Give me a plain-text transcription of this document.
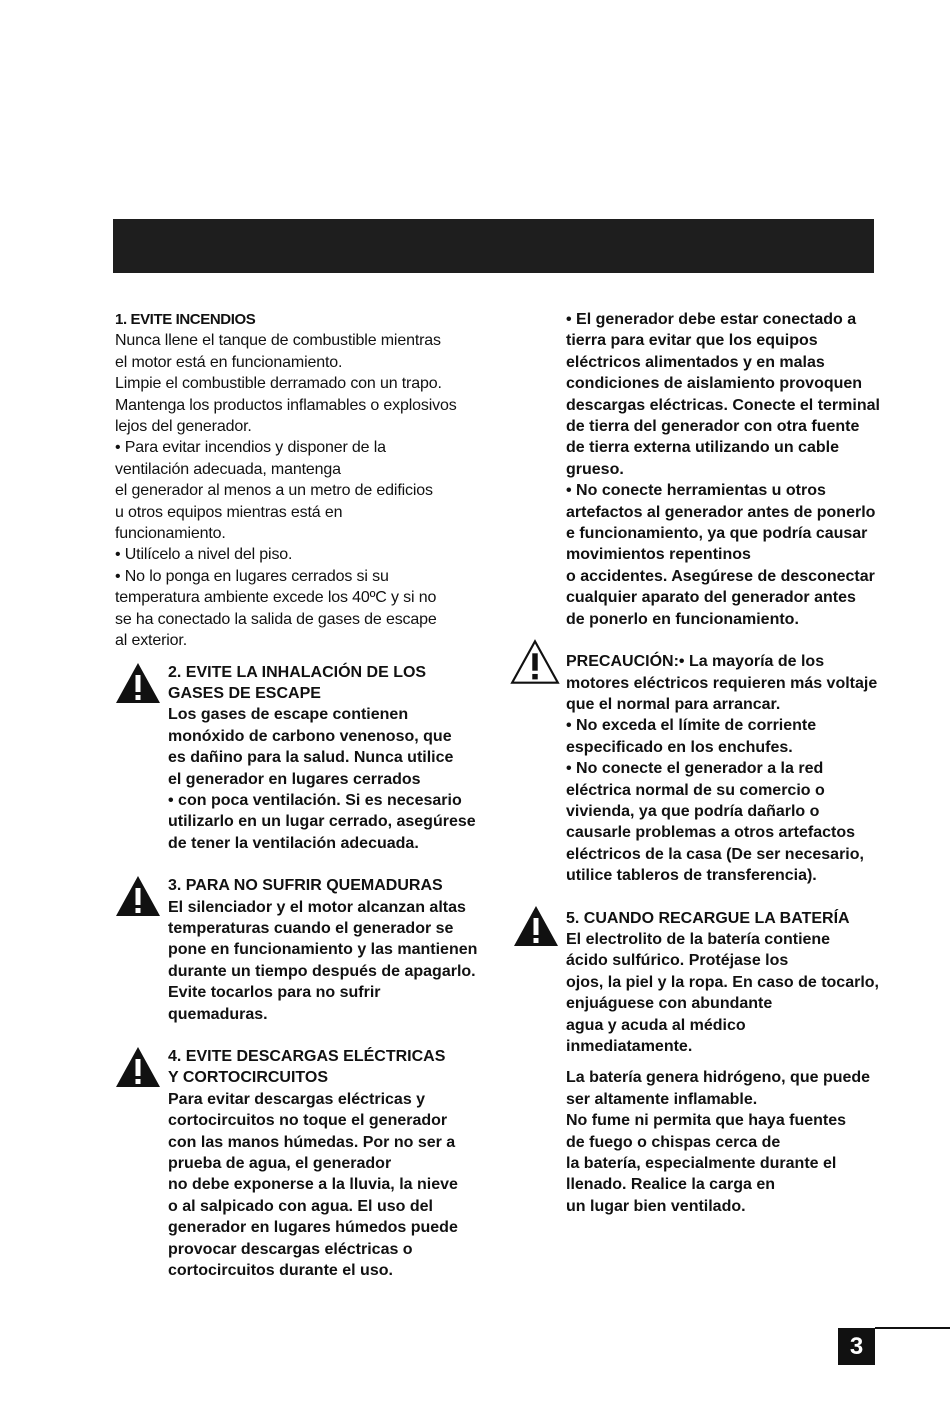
1. EVITE INCENDIOS
Nunca llene el tanque de combustible mientras
el motor está en funcionamiento.
Limpie el combustible derramado con un trapo.
Mantenga los productos inflamables o explosivos
lejos del generador.
• Para evitar incendios y disponer de la
ventilación adecuada, mantenga
el generador al menos a un metro de edificios
u otros equipos mientras está en
funcionamiento.
• Utilícelo a nivel del piso.
• No lo ponga en lugares cerrados si su
temperatura ambiente excede los 40ºC y si no
se ha conectado la salida de gases de escape
al exterior.
2. EVITE LA INHALACIÓN DE LOS
GASES DE ESCAPE
Los gases de escape contienen
monóxido de carbono venenoso, que
es dañino para la salud. Nunca utilice
el generador en lugares cerrados
• con poca ventilación. Si es necesario
utilizarlo en un lugar cerrado, asegúrese
de tener la ventilación adecuada.
3. PARA NO SUFRIR QUEMADURAS
El silenciador y el motor alcanzan altas
temperaturas cuando el generador se
pone en funcionamiento y las mantienen
durante un tiempo después de apagarlo.
Evite tocarlos para no sufrir
quemaduras.
4. EVITE DESCARGAS ELÉCTRICAS
Y CORTOCIRCUITOS
Para evitar descargas eléctricas y
cortocircuitos no toque el generador
con las manos húmedas. Por no ser a
prueba de agua, el generador
no debe exponerse a la lluvia, la nieve
o al salpicado con agua. El uso del
generador en lugares húmedos puede
provocar descargas eléctricas o
cortocircuitos durante el uso.
• El generador debe estar conectado a
tierra para evitar que los equipos
eléctricos alimentados y en malas
condiciones de aislamiento provoquen
descargas eléctricas. Conecte el terminal
de tierra del generador con otra fuente
de tierra externa utilizando un cable
grueso.
• No conecte herramientas u otros
artefactos al generador antes de ponerlo
e funcionamiento, ya que podría causar
movimientos repentinos
o accidentes. Asegúrese de desconectar
cualquier aparato del generador antes
de ponerlo en funcionamiento.
PRECAUCIÓN:• La mayoría de los
motores eléctricos requieren más voltaje
que el normal para arrancar.
• No exceda el límite de corriente
especificado en los enchufes.
• No conecte el generador a la red
eléctrica normal de su comercio o
vivienda, ya que podría dañarlo o
causarle problemas a otros artefactos
eléctricos de la casa (De ser necesario,
utilice tableros de transferencia).
5. CUANDO RECARGUE LA BATERÍA
El electrolito de la batería contiene
ácido sulfúrico. Protéjase los
ojos, la piel y la ropa. En caso de tocarlo,
enjuáguese con abundante
agua y acuda al médico
inmediatamente.
La batería genera hidrógeno, que puede
ser altamente inflamable.
No fume ni permita que haya fuentes
de fuego o chispas cerca de
la batería, especialmente durante el
llenado. Realice la carga en
un lugar bien ventilado.
3
